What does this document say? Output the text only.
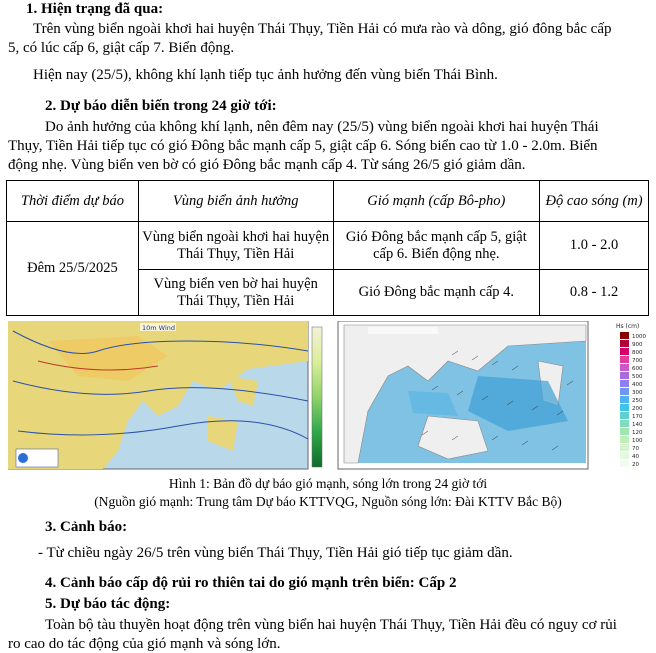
1. Hiện trạng đã qua:
Trên vùng biển ngoài khơi hai huyện Thái Thụy, Tiền Hải có mưa rào và dông, gió đông bắc cấp
5, có lúc cấp 6, giật cấp 7. Biển động.
Hiện nay (25/5), không khí lạnh tiếp tục ảnh hưởng đến vùng biển Thái Bình.
2. Dự báo diễn biến trong 24 giờ tới:
Do ảnh hưởng của không khí lạnh, nên đêm nay (25/5) vùng biển ngoài khơi hai huyện Thái
Thụy, Tiền Hải tiếp tục có gió Đông bắc mạnh cấp 5, giật cấp 6. Sóng biển cao từ 1.0 - 2.0m. Biển
động nhẹ. Vùng biển ven bờ có gió Đông bắc mạnh cấp 4. Từ sáng 26/5 gió giảm dần.
Thời điểm dự báo	Vùng biển ảnh hưởng	Gió mạnh (cấp Bô-pho)	Độ cao sóng (m)
Đêm 25/5/2025	Vùng biển ngoài khơi hai huyện Thái Thụy, Tiền Hải	Gió Đông bắc mạnh cấp 5, giật cấp 6. Biển động nhẹ.	1.0 - 2.0
	Vùng biển ven bờ hai huyện Thái Thụy, Tiền Hải	Gió Đông bắc mạnh cấp 4.	0.8 - 1.2
10m Wind	Hs (cm)
1000
900
800
700
600
500
400
300
250
200
170
140
120
100
70
40
20
Hình 1: Bản đồ dự báo gió mạnh, sóng lớn trong 24 giờ tới
(Nguồn gió mạnh: Trung tâm Dự báo KTTVQG, Nguồn sóng lớn: Đài KTTV Bắc Bộ)
3. Cảnh báo:
- Từ chiều ngày 26/5 trên vùng biển Thái Thụy, Tiền Hải gió tiếp tục giảm dần.
4. Cảnh báo cấp độ rủi ro thiên tai do gió mạnh trên biển: Cấp 2
5. Dự báo tác động:
Toàn bộ tàu thuyền hoạt động trên vùng biển hai huyện Thái Thụy, Tiền Hải đều có nguy cơ rủi
ro cao do tác động của gió mạnh và sóng lớn.
